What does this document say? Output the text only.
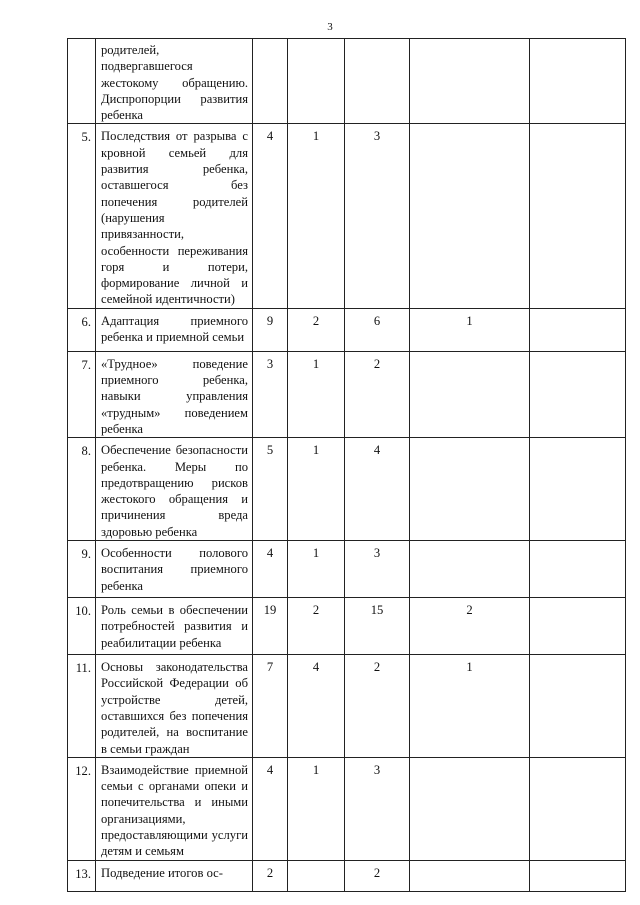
3
	родителей, подвергавшегося жестокому обращению. Диспропорции развития ребенка					
5.	Последствия от разрыва с кровной семьей для развития ребенка, оставшегося без попечения родителей (нарушения привязанности, особенности переживания горя и потери, формирование личной и семейной идентичности)	4	1	3		
6.	Адаптация приемного ребенка и приемной семьи	9	2	6	1	
7.	«Трудное» поведение приемного ребенка, навыки управления «трудным» поведением ребенка	3	1	2		
8.	Обеспечение безопасности ребенка. Меры по предотвращению рисков жестокого обращения и причинения вреда здоровью ребенка	5	1	4		
9.	Особенности полового воспитания приемного ребенка	4	1	3		
10.	Роль семьи в обеспечении потребностей развития и реабилитации ребенка	19	2	15	2	
11.	Основы законодательства Российской Федерации об устройстве детей, оставшихся без попечения родителей, на воспитание в семьи граждан	7	4	2	1	
12.	Взаимодействие приемной семьи с органами опеки и попечительства и иными организациями, предоставляющими услуги детям и семьям	4	1	3		
13.	Подведение итогов ос-	2		2		
